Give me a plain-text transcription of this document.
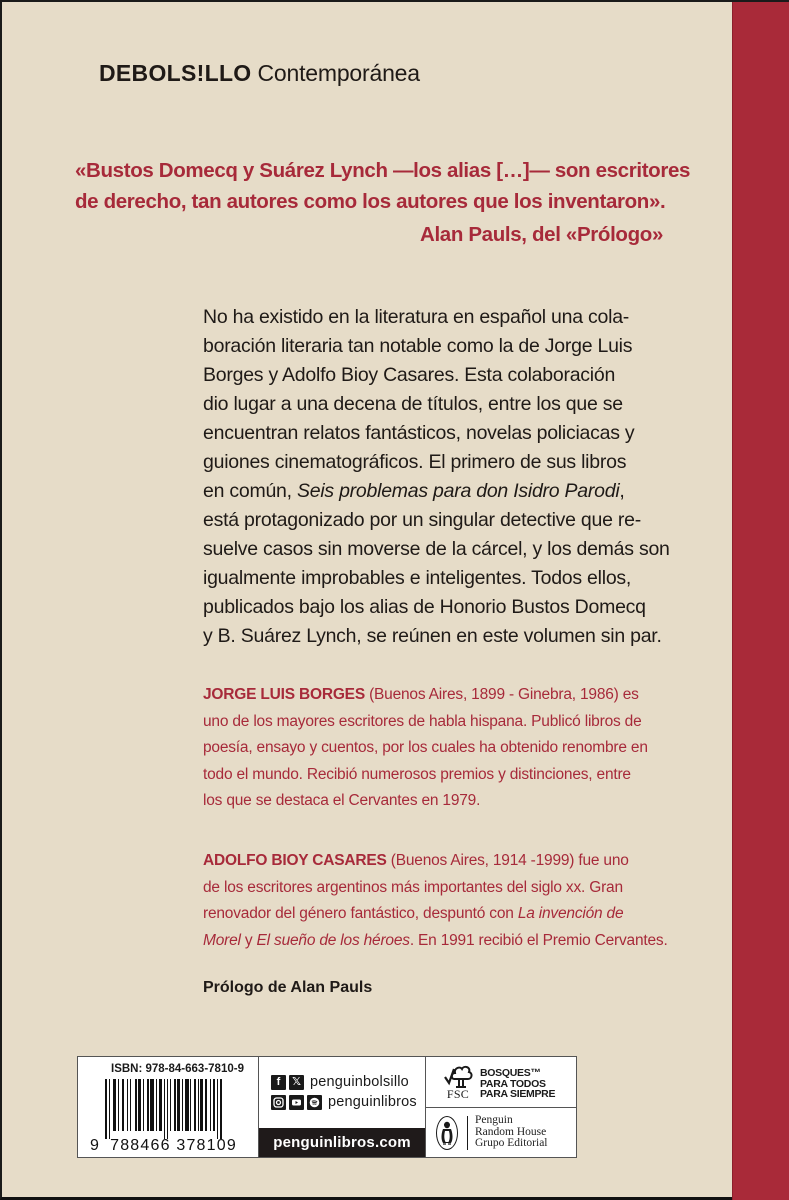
DEBOLS!LLO Contemporánea

«Bustos Domecq y Suárez Lynch —los alias […]— son escritores

de derecho, tan autores como los autores que los inventaron».

Alan Pauls, del «Prólogo»

No ha existido en la literatura en español una cola-

boración literaria tan notable como la de Jorge Luis

Borges y Adolfo Bioy Casares. Esta colaboración

dio lugar a una decena de títulos, entre los que se

encuentran relatos fantásticos, novelas policiacas y

guiones cinematográficos. El primero de sus libros

en común, Seis problemas para don Isidro Parodi,

está protagonizado por un singular detective que re-

suelve casos sin moverse de la cárcel, y los demás son

igualmente improbables e inteligentes. Todos ellos,

publicados bajo los alias de Honorio Bustos Domecq

y B. Suárez Lynch, se reúnen en este volumen sin par.

JORGE LUIS BORGES (Buenos Aires, 1899 - Ginebra, 1986) es

uno de los mayores escritores de habla hispana. Publicó libros de

poesía, ensayo y cuentos, por los cuales ha obtenido renombre en

todo el mundo. Recibió numerosos premios y distinciones, entre

los que se destaca el Cervantes en 1979.

ADOLFO BIOY CASARES (Buenos Aires, 1914 -1999) fue uno

de los escritores argentinos más importantes del siglo xx. Gran

renovador del género fantástico, despuntó con La invención de

Morel y El sueño de los héroes. En 1991 recibió el Premio Cervantes.

Prólogo de Alan Pauls
ISBN: 978-84-663-7810-9
9 788466 378109
f	𝕏 penguinbolsillo
penguinlibros
penguinlibros.com
FSC
BOSQUES™
PARA TODOS
PARA SIEMPRE
Penguin
Random House
Grupo Editorial
